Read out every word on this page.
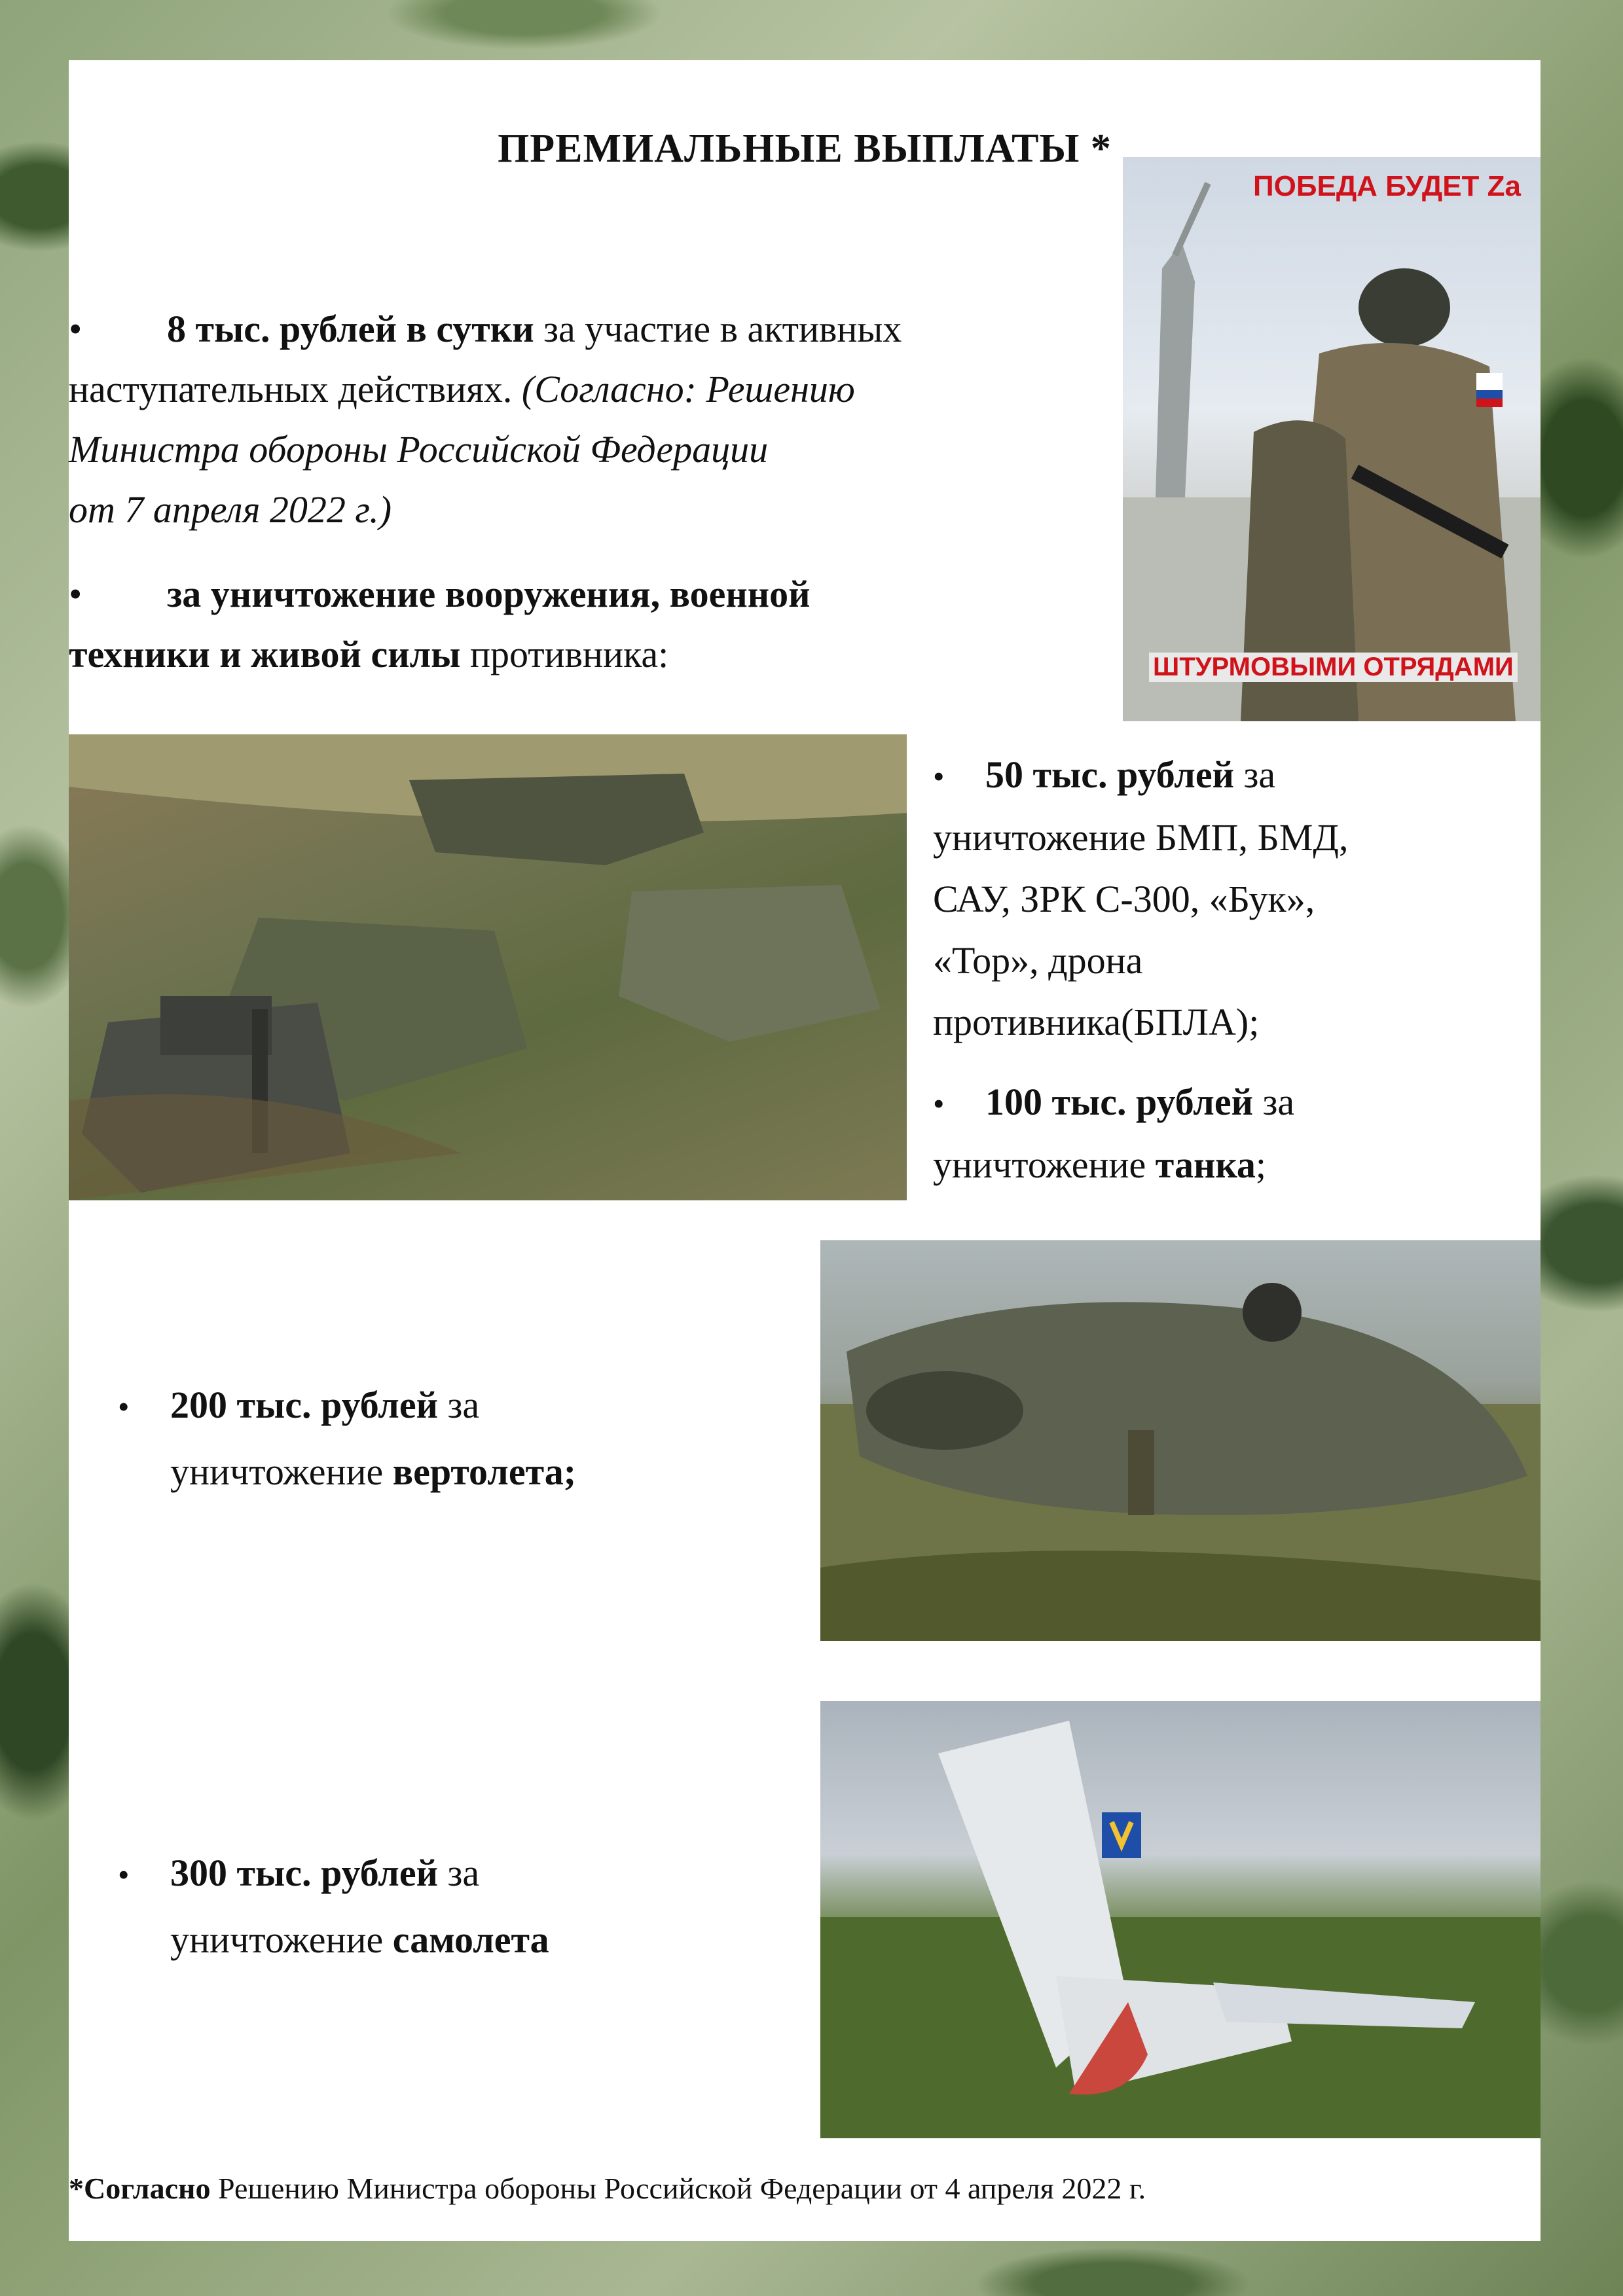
ПРЕМИАЛЬНЫЕ ВЫПЛАТЫ *
•	8 тыс. рублей в сутки за участие в активных
наступательных действиях. (Согласно: Решению
Министра обороны Российской Федерации
от 7 апреля 2022 г.)
•	за уничтожение вооружения, военной
техники и живой силы противника:
ПОБЕДА БУДЕТ Zа
ШТУРМОВЫМИ ОТРЯДАМИ
•	50 тыс. рублей за
уничтожение БМП, БМД,
САУ, ЗРК С-300, «Бук»,
«Тор», дрона
противника(БПЛА);
•	100 тыс. рублей за
уничтожение танка;
•	200 тыс. рублей за
уничтожение вертолета;
•	300 тыс. рублей за
уничтожение самолета
*Согласно Решению Министра обороны Российской Федерации от 4 апреля 2022 г.
